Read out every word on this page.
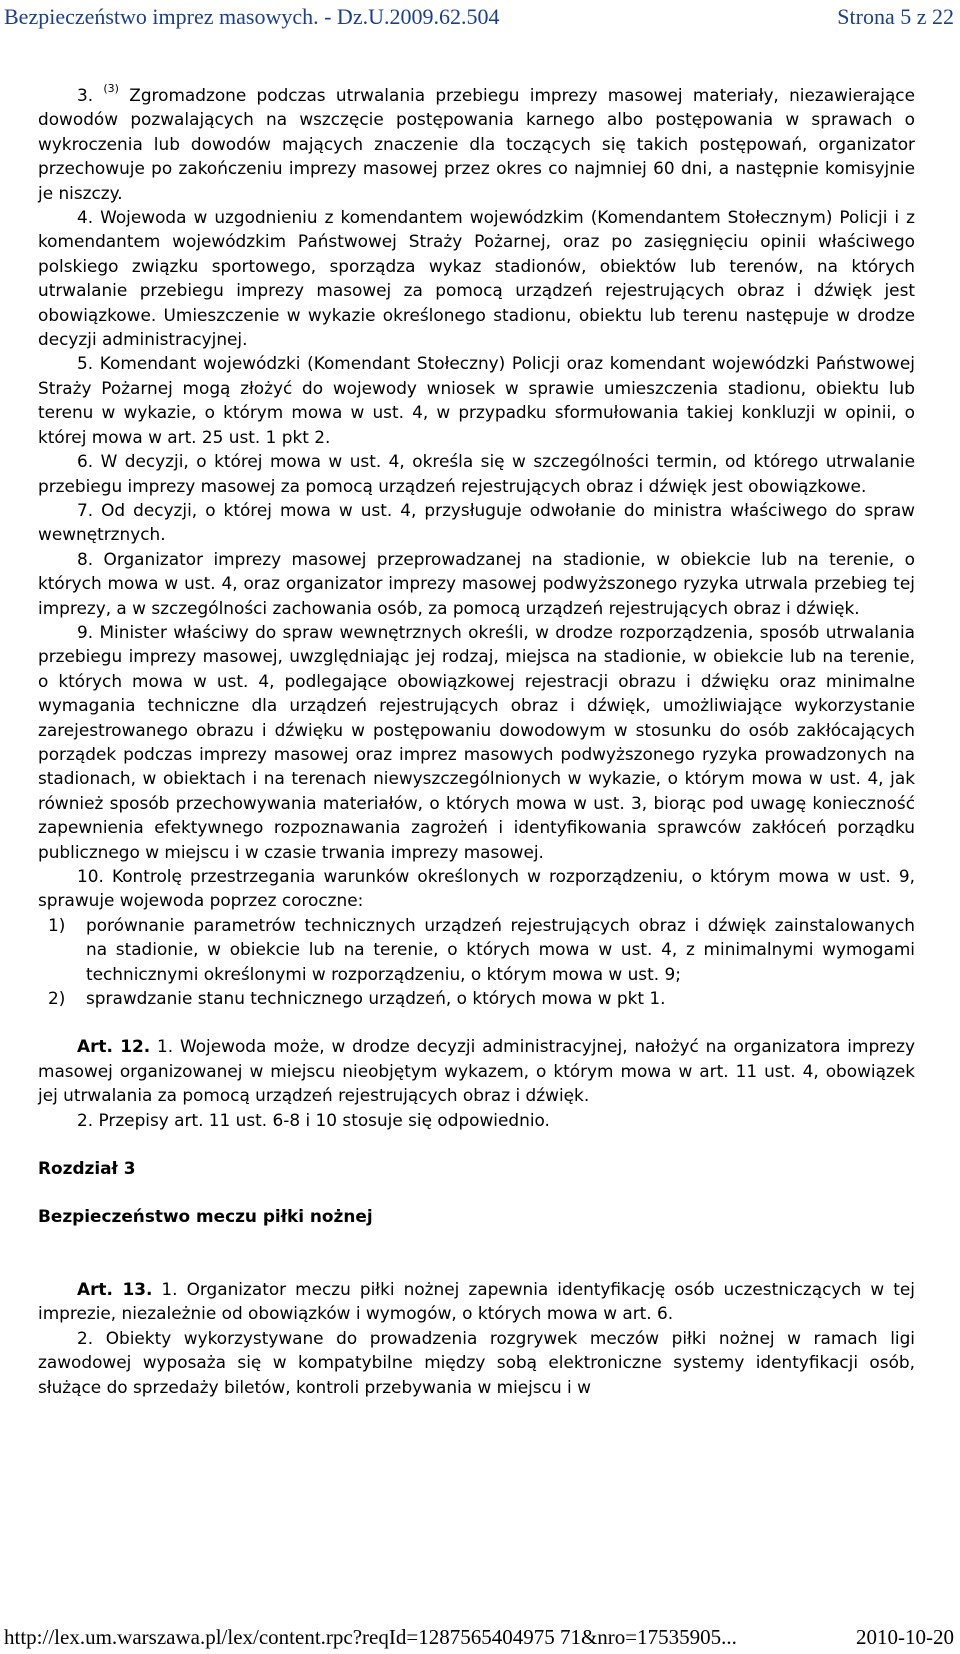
Bezpieczeństwo imprez masowych. - Dz.U.2009.62.504	Strona 5 z 22

3. $^{(3)}$ Zgromadzone podczas utrwalania przebiegu imprezy masowej materiały, niezawierające dowodów pozwalających na wszczęcie postępowania karnego albo postępowania w sprawach o wykroczenia lub dowodów mających znaczenie dla toczących się takich postępowań, organizator przechowuje po zakończeniu imprezy masowej przez okres co najmniej 60 dni, a następnie komisyjnie je niszczy.

4. Wojewoda w uzgodnieniu z komendantem wojewódzkim (Komendantem Stołecznym) Policji i z komendantem wojewódzkim Państwowej Straży Pożarnej, oraz po zasięgnięciu opinii właściwego polskiego związku sportowego, sporządza wykaz stadionów, obiektów lub terenów, na których utrwalanie przebiegu imprezy masowej za pomocą urządzeń rejestrujących obraz i dźwięk jest obowiązkowe. Umieszczenie w wykazie określonego stadionu, obiektu lub terenu następuje w drodze decyzji administracyjnej.

5. Komendant wojewódzki (Komendant Stołeczny) Policji oraz komendant wojewódzki Państwowej Straży Pożarnej mogą złożyć do wojewody wniosek w sprawie umieszczenia stadionu, obiektu lub terenu w wykazie, o którym mowa w ust. 4, w przypadku sformułowania takiej konkluzji w opinii, o której mowa w art. 25 ust. 1 pkt 2.

6. W decyzji, o której mowa w ust. 4, określa się w szczególności termin, od którego utrwalanie przebiegu imprezy masowej za pomocą urządzeń rejestrujących obraz i dźwięk jest obowiązkowe.

7. Od decyzji, o której mowa w ust. 4, przysługuje odwołanie do ministra właściwego do spraw wewnętrznych.

8. Organizator imprezy masowej przeprowadzanej na stadionie, w obiekcie lub na terenie, o których mowa w ust. 4, oraz organizator imprezy masowej podwyższonego ryzyka utrwala przebieg tej imprezy, a w szczególności zachowania osób, za pomocą urządzeń rejestrujących obraz i dźwięk.

9. Minister właściwy do spraw wewnętrznych określi, w drodze rozporządzenia, sposób utrwalania przebiegu imprezy masowej, uwzględniając jej rodzaj, miejsca na stadionie, w obiekcie lub na terenie, o których mowa w ust. 4, podlegające obowiązkowej rejestracji obrazu i dźwięku oraz minimalne wymagania techniczne dla urządzeń rejestrujących obraz i dźwięk, umożliwiające wykorzystanie zarejestrowanego obrazu i dźwięku w postępowaniu dowodowym w stosunku do osób zakłócających porządek podczas imprezy masowej oraz imprez masowych podwyższonego ryzyka prowadzonych na stadionach, w obiektach i na terenach niewyszczególnionych w wykazie, o którym mowa w ust. 4, jak również sposób przechowywania materiałów, o których mowa w ust. 3, biorąc pod uwagę konieczność zapewnienia efektywnego rozpoznawania zagrożeń i identyfikowania sprawców zakłóceń porządku publicznego w miejscu i w czasie trwania imprezy masowej.

10. Kontrolę przestrzegania warunków określonych w rozporządzeniu, o którym mowa w ust. 9, sprawuje wojewoda poprzez coroczne:

1) porównanie parametrów technicznych urządzeń rejestrujących obraz i dźwięk zainstalowanych na stadionie, w obiekcie lub na terenie, o których mowa w ust. 4, z minimalnymi wymogami technicznymi określonymi w rozporządzeniu, o którym mowa w ust. 9;
2) sprawdzanie stanu technicznego urządzeń, o których mowa w pkt 1.

Art. 12. 1. Wojewoda może, w drodze decyzji administracyjnej, nałożyć na organizatora imprezy masowej organizowanej w miejscu nieobjętym wykazem, o którym mowa w art. 11 ust. 4, obowiązek jej utrwalania za pomocą urządzeń rejestrujących obraz i dźwięk.

2. Przepisy art. 11 ust. 6-8 i 10 stosuje się odpowiednio.

Rozdział 3

Bezpieczeństwo meczu piłki nożnej

Art. 13. 1. Organizator meczu piłki nożnej zapewnia identyfikację osób uczestniczących w tej imprezie, niezależnie od obowiązków i wymogów, o których mowa w art. 6.

2. Obiekty wykorzystywane do prowadzenia rozgrywek meczów piłki nożnej w ramach ligi zawodowej wyposaża się w kompatybilne między sobą elektroniczne systemy identyfikacji osób, służące do sprzedaży biletów, kontroli przebywania w miejscu i w

http://lex.um.warszawa.pl/lex/content.rpc?reqId=1287565404975 71&nro=17535905...	2010-10-20
